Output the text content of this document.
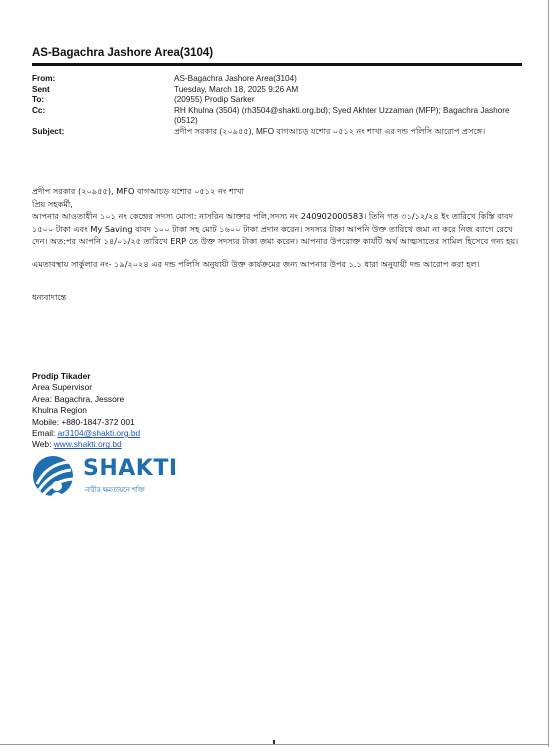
AS-Bagachra Jashore Area(3104)

From:	AS-Bagachra Jashore Area(3104)
Sent	Tuesday, March 18, 2025 9:26 AM
To:	(20955) Prodip Sarker
Cc:	RH Khulna (3504) (rh3504@shakti.org.bd); Syed Akhter Uzzaman (MFP); Bagachra Jashore (0512)
Subject:	প্রদীপ সরকার (২০৯৫৫), MFO বাগআচড় যশোর ০৫১২ নং শাখা এর দন্ড পলিসি আরোপ প্রসঙ্গে।

প্রদীপ সরকার (২০৯৫৫), MFO বাগআচড় যশোর ০৫১২ নং শাখা

প্রিয় সহকর্মী,

আপনার আওতাধীন ১০১ নং কেন্দ্রের সদস্য মোসা: নাসরিন আক্তার পলি,সদস্য নং 240902000583। তিনি গত ৩১/১২/২৪ ইং তারিখে কিস্তি বাবদ ১৫০০ টাকা এবং My Saving বাবদ ১০০ টাকা সহ মোট ১৬০০ টাকা প্রদান করেন। সদস্যর টাকা আপনি উক্ত তারিখে জমা না করে নিজ ব্যাগে রেখে দেন। অত:পর আপনি ১৪/০১/২৫ তারিখে ERP তে উক্ত সদস্যর টাকা জমা করেন। আপনার উপরোক্ত কার্যটি অর্থ আত্মসাতের সামিল হিসেবে গন্য হয়।

এমতাবস্থায় সার্কুলার নং- ১৯/২০২৪ এর দন্ড পলিসি অনুযায়ী উক্ত কার্যক্রমের জন্য আপনার উপর ১.১ ধারা অনুযায়ী দন্ড আরোপ করা হল।

ধন্যবাদান্তে

Prodip Tikader
Area Supervisor
Area: Bagachra, Jessore
Khulna Region
Mobile: +880-1847-372 001
Email: ar3104@shakti.org.bd
Web: www.shakti.org.bd
SHAKTI
নারীর ক্ষমতায়নে শক্তি
